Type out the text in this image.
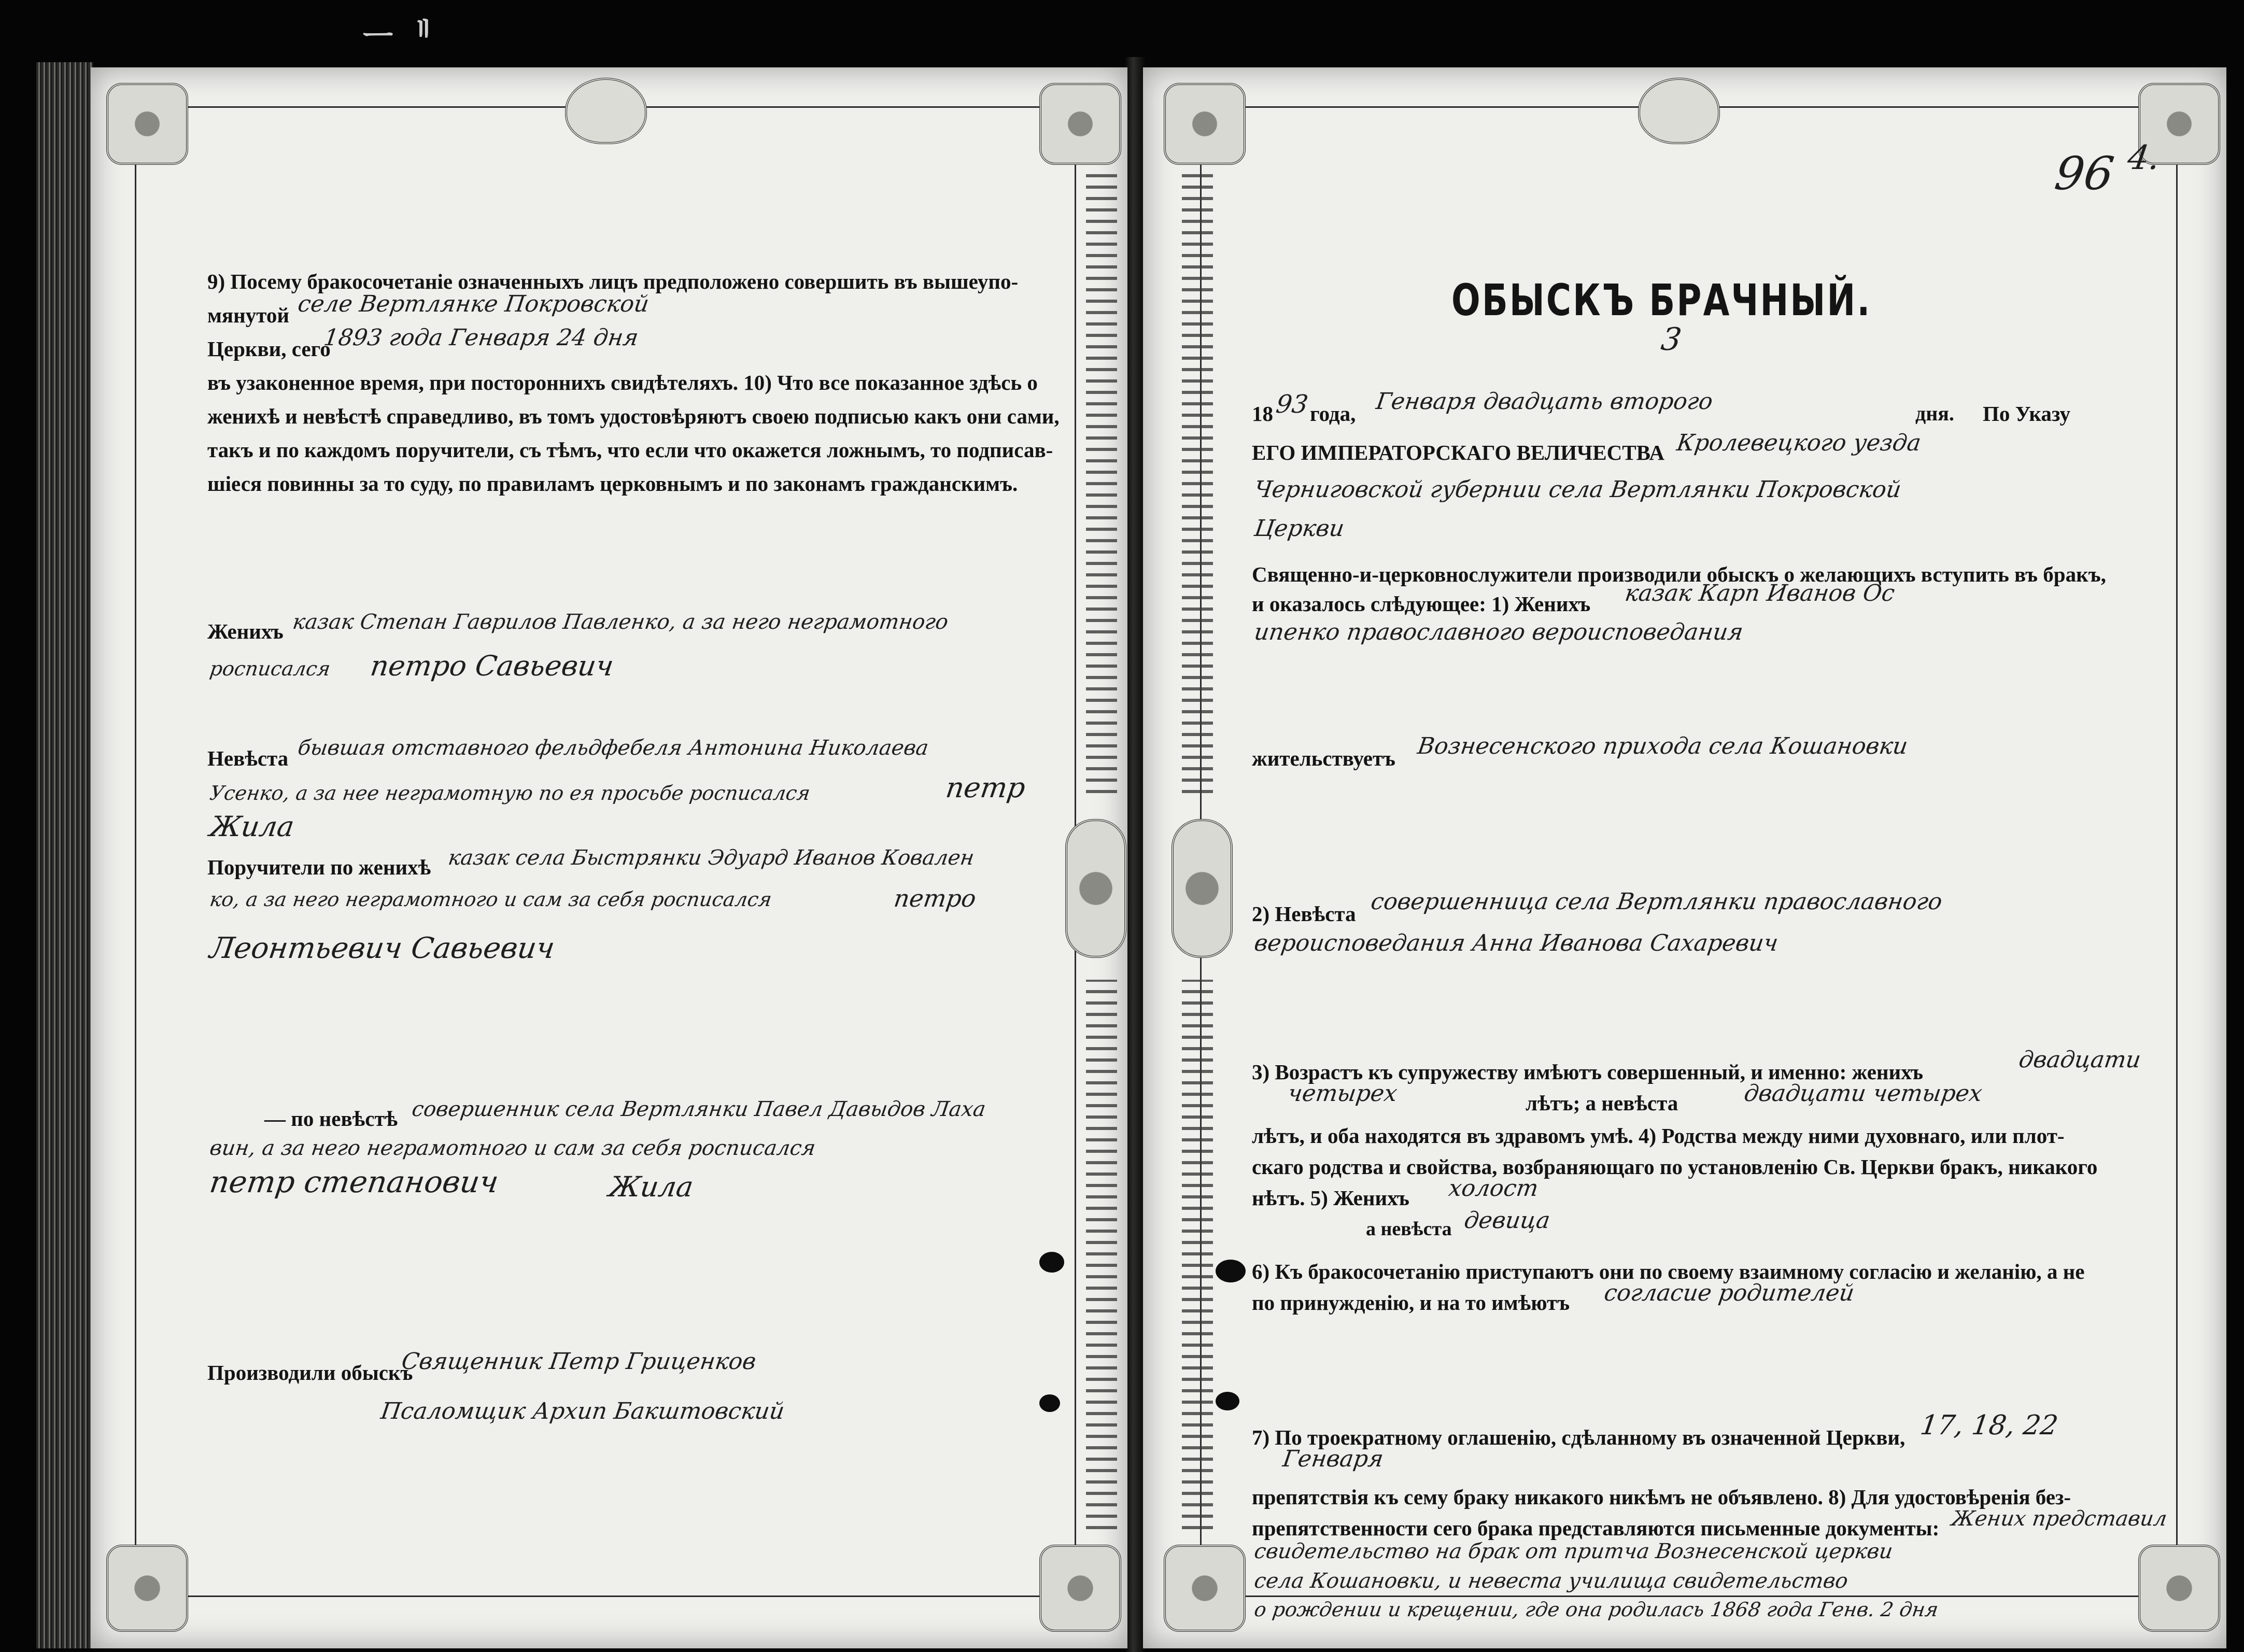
ᅳ ᅵᅵ
9) Посему бракосочетаніе означенныхъ лицъ предположено совершить въ вышеупо-
мянутой селе Вертлянке Покровской
Церкви, сего
1893 года Генваря 24 дня
въ узаконенное время, при постороннихъ свидѣтеляхъ. 10) Что все показанное здѣсь о
женихѣ и невѣстѣ справедливо, въ томъ удостовѣряютъ своею подписью какъ они сами,
такъ и по каждомъ поручители, съ тѣмъ, что если что окажется ложнымъ, то подписав-
шіеся повинны за то суду, по правиламъ церковнымъ и по законамъ гражданскимъ.
Женихъ казак Степан Гаврилов Павленко, а за него неграмотного
росписался петро Савьевич
Невѣста бывшая отставного фельдфебеля Антонина Николаева
Усенко, а за нее неграмотную по ея просьбе росписался	петр
Жила
Поручители по женихѣ казак села Быстрянки Эдуард Иванов Ковален
ко, а за него неграмотного и сам за себя росписался	петро
Леонтьевич Савьевич
— по невѣстѣ совершенник села Вертлянки Павел Давыдов Лаха
вин, а за него неграмотного и сам за себя росписался
петр степанович	Жила
Производили обыскъ
Священник Петр Гриценков
Псаломщик Архип Бакштовский
96 4.
ОБЫСКЪ БРАЧНЫЙ.
3
18 93 года, Генваря двадцать второго	дня. По Указу
ЕГО ИМПЕРАТОРСКАГО ВЕЛИЧЕСТВА Кролевецкого уезда
Черниговской губернии села Вертлянки Покровской
Церкви
Священно-и-церковнослужители производили обыскъ о желающихъ вступить въ бракъ,
и оказалось слѣдующее: 1) Женихъ казак Карп Иванов Ос
ипенко православного вероисповедания
жительствуетъ Вознесенского прихода села Кошановки
2) Невѣста совершенница села Вертлянки православного
вероисповедания Анна Иванова Сахаревич
3) Возрастъ къ супружеству имѣютъ совершенный, и именно: женихъ	двадцати
четырех	лѣтъ; а невѣста	двадцати четырех
лѣтъ, и оба находятся въ здравомъ умѣ. 4) Родства между ними духовнаго, или плот-
скаго родства и свойства, возбраняющаго по установленію Св. Церкви бракъ, никакого
нѣтъ. 5) Женихъ холост
а невѣста девица
6) Къ бракосочетанію приступаютъ они по своему взаимному согласію и желанію, а не
по принужденію, и на то имѣютъ согласие родителей
7) По троекратному оглашенію, сдѣланному въ означенной Церкви, 17, 18, 22
Генваря
препятствія къ сему браку никакого никѣмъ не объявлено. 8) Для удостовѣренія без-
препятственности сего брака представляются письменные документы: Жених представил
свидетельство на брак от притча Вознесенской церкви
села Кошановки, и невеста училища свидетельство
о рождении и крещении, где она родилась 1868 года Генв. 2 дня
